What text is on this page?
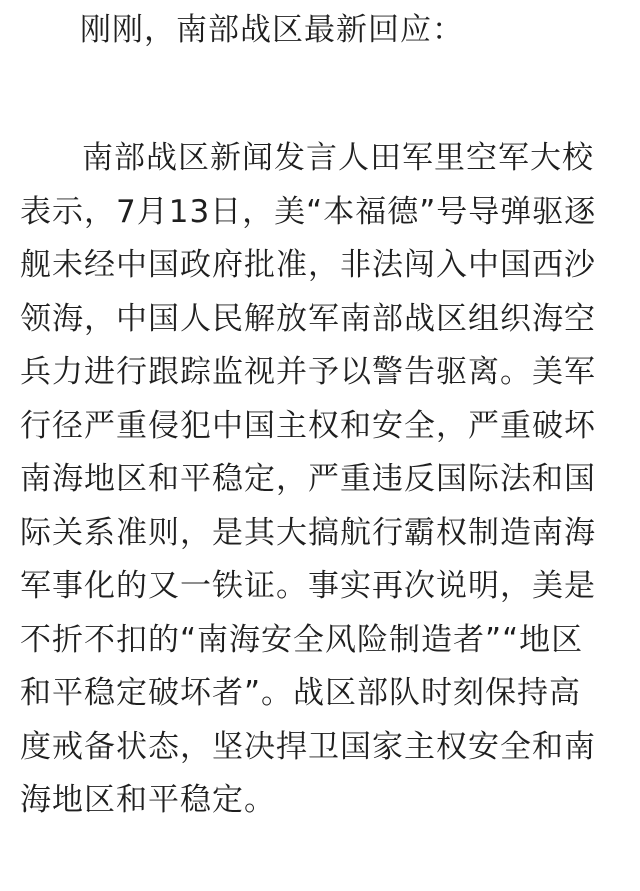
刚刚，南部战区最新回应：
南部战区新闻发言人田军里空军大校
表示，7月13日，美“本福德”号导弹驱逐
舰未经中国政府批准，非法闯入中国西沙
领海，中国人民解放军南部战区组织海空
兵力进行跟踪监视并予以警告驱离。美军
行径严重侵犯中国主权和安全，严重破坏
南海地区和平稳定，严重违反国际法和国
际关系准则，是其大搞航行霸权制造南海
军事化的又一铁证。事实再次说明，美是
不折不扣的“南海安全风险制造者”“地区
和平稳定破坏者”。战区部队时刻保持高
度戒备状态，坚决捍卫国家主权安全和南
海地区和平稳定。
